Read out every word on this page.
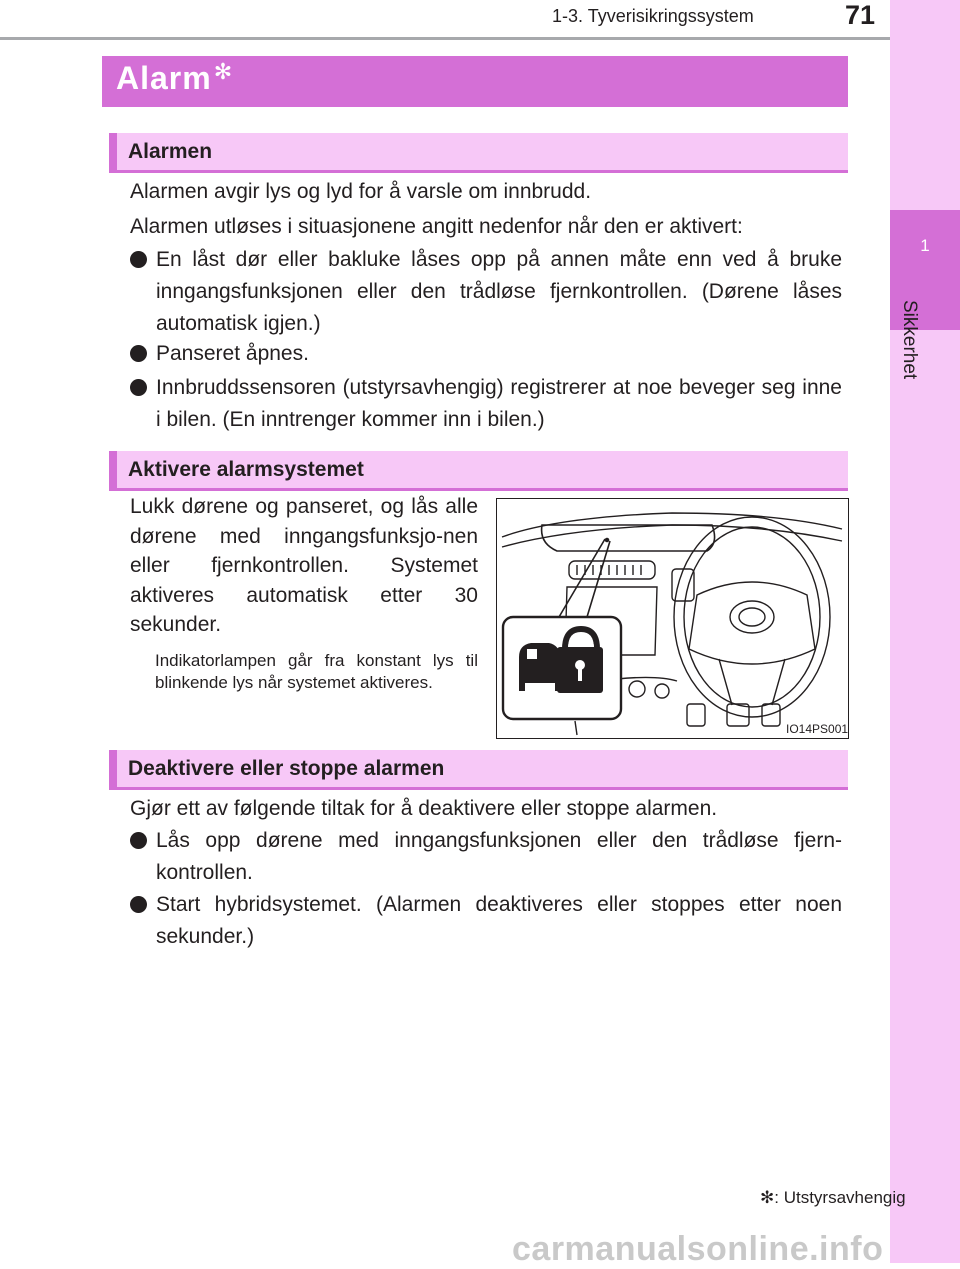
1-3. Tyverisikringssystem	71
1
Sikkerhet
Alarm✻
Alarmen
Alarmen avgir lys og lyd for å varsle om innbrudd.
Alarmen utløses i situasjonene angitt nedenfor når den er aktivert:
En låst dør eller bakluke låses opp på annen måte enn ved å bruke inngangsfunksjonen eller den trådløse fjernkontrollen. (Dørene låses automatisk igjen.)
Panseret åpnes.
Innbruddssensoren (utstyrsavhengig) registrerer at noe beveger seg inne i bilen. (En inntrenger kommer inn i bilen.)
Aktivere alarmsystemet
Lukk dørene og panseret, og lås alle dørene med inngangsfunksjo-nen eller fjernkontrollen. Systemet aktiveres automatisk etter 30 sekunder.
Indikatorlampen går fra konstant lys til blinkende lys når systemet aktiveres.
IO14PS001
Deaktivere eller stoppe alarmen
Gjør ett av følgende tiltak for å deaktivere eller stoppe alarmen.
Lås opp dørene med inngangsfunksjonen eller den trådløse fjern-kontrollen.
Start hybridsystemet. (Alarmen deaktiveres eller stoppes etter noen sekunder.)
✻: Utstyrsavhengig
carmanualsonline.info
